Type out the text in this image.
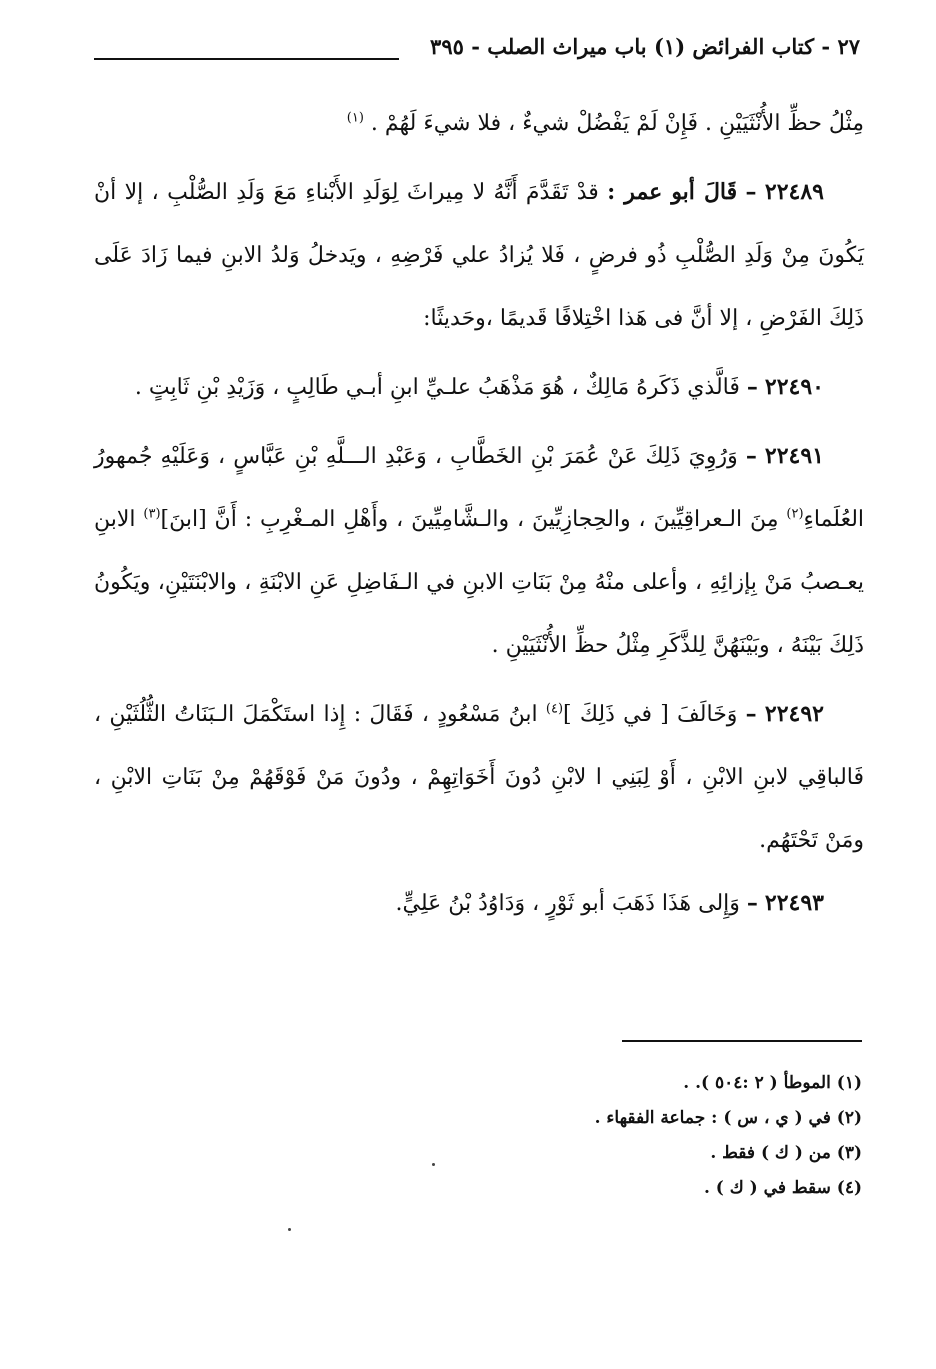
٢٧ - كتاب الفرائض (١) باب ميراث الصلب - ٣٩٥

مِثْلُ حظِّ الأُنْثَيَيْنِ . فَإِنْ لَمْ يَفْضُلْ شيءٌ ، فلا شيءَ لَهُمْ . $^{(١)}$

٢٢٤٨٩ – قَالَ أبو عمر : قدْ تَقَدَّمَ أَنَّهُ لا مِيراثَ لِوَلَدِ الأَبْناءِ مَعَ وَلَدِ الصُّلْبِ ، إلا أنْ يَكُونَ مِنْ وَلَدِ الصُّلْبِ ذُو فرضٍ ، فَلا يُزادُ علي فَرْضِهِ ، ويَدخلُ وَلدُ الابنِ فيما زَادَ عَلَى ذَلِكَ الفَرْضِ ، إلا أنَّ فى هَذا اخْتِلافًا قَديمًا ،وحَديثًا:

٢٢٤٩٠ – فَالَّذي ذَكَرهُ مَالِكٌ ، هُوَ مَذْهَبُ علـيِّ ابنِ أبـي طَالِبٍ ، وَزَيْدِ بْنِ ثَابِتٍ .

٢٢٤٩١ – وَرُوِيَ ذَلِكَ عَنْ عُمَرَ بْنِ الخَطَّابِ ، وَعَبْدِ الـــلَّهِ بْنِ عَبَّاسٍ ، وَعَلَيْهِ جُمهورُ العُلَماءِ$^{(٢)}$ مِنَ الـعراقِيِّينَ ، والحِجازِيِّينَ ، والـشَّامِيِّينَ ، وأَهْلِ المـغْرِبِ : أَنَّ [ابنَ]$^{(٣)}$ الابنِ يعـصبُ مَنْ بِإزائِهِ ، وأعلى منْهُ مِنْ بَنَاتِ الابنِ في الـفَاضِلِ عَنِ الابْنَةِ ، والابْنَتَيْنِ، ويَكُونُ ذَلِكَ بَيْنَهُ ، وبَيْنَهُنَّ لِلذَّكَرِ مِثْلُ حظِّ الأُنْثَيَيْنِ .

٢٢٤٩٢ – وَخَالَفَ [ في ذَلِكَ ]$^{(٤)}$ ابنُ مَسْعُودٍ ، فَقَالَ : إِذا استَكْمَلَ الـبَنَاتُ الثُّلُثَيْنِ ، فَالباقِي لابنِ الابْنِ ، أَوْ لِبَنِي ا لابْنِ دُونَ أَخَوَاتِهِمْ ، ودُونَ مَنْ فَوْقَهُمْ مِنْ بَنَاتِ الابْنِ ، ومَنْ تَحْتَهُم.

٢٢٤٩٣ – وَإِلى هَذَا ذَهَبَ أبو ثَوْرٍ ، وَدَاوُدُ بْنُ عَلِيٍّ.

(١) الموطأ ( ٢ :٥٠٤ ). .

(٢) في ( ي ، س ) : جماعة الفقهاء .

(٣) من ( ك ) فقط .

(٤) سقط في ( ك ) .
